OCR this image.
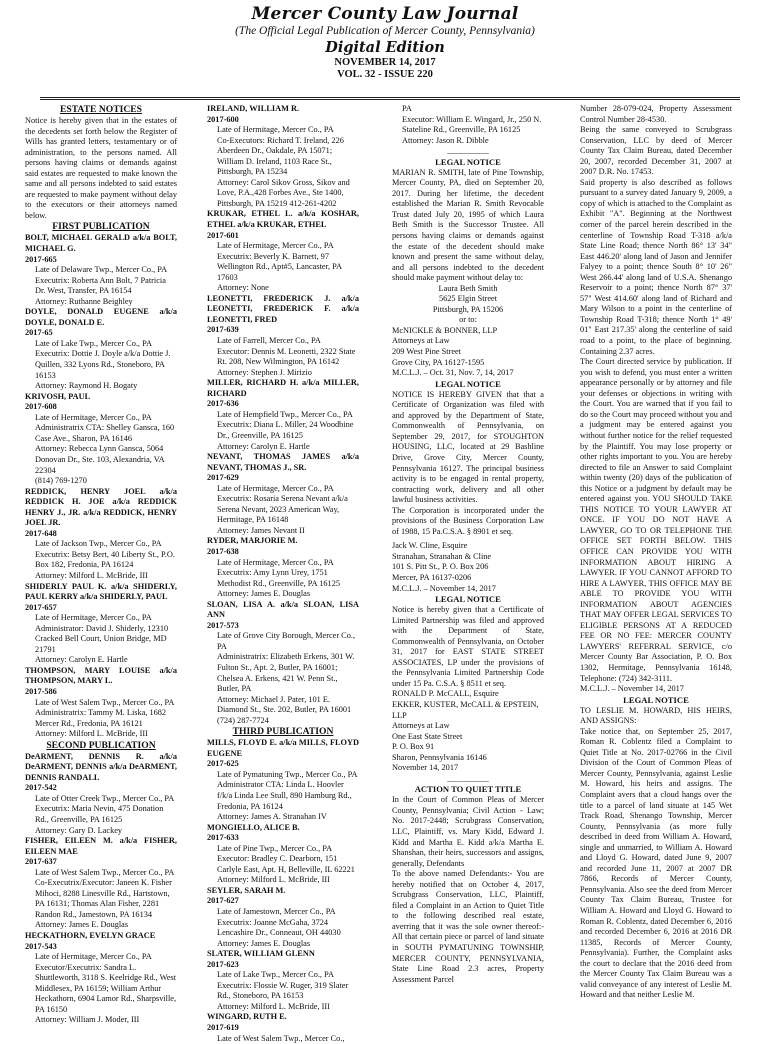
Mercer County Law Journal
(The Official Legal Publication of Mercer County, Pennsylvania)
Digital Edition
NOVEMBER 14, 2017
VOL. 32 - ISSUE 220

ESTATE NOTICES

Notice is hereby given that in the estates of the decedents set forth below the Register of Wills has granted letters, testamentary or of administration, to the persons named. All persons having claims or demands against said estates are requested to make known the same and all persons indebted to said estates are requested to make payment without delay to the executors or their attorneys named below.

FIRST PUBLICATION

BOLT, MICHAEL GERALD a/k/a BOLT, MICHAEL G.

2017-665

Late of Delaware Twp., Mercer Co., PA

Executrix: Roberta Ann Bolt, 7 Patricia Dr. West, Transfer, PA 16154

Attorney: Ruthanne Beighley

DOYLE, DONALD EUGENE a/k/a DOYLE, DONALD E.

2017-65

Late of Lake Twp., Mercer Co., PA

Executrix: Dottie J. Doyle a/k/a Dottie J. Quillen, 332 Lyons Rd., Stoneboro, PA 16153

Attorney: Raymond H. Bogaty

KRIVOSH, PAUL

2017-608

Late of Hermitage, Mercer Co., PA

Administratrix CTA: Shelley Gansca, 160 Case Ave., Sharon, PA 16146

Attorney: Rebecca Lynn Gansca, 5064 Donovan Dr., Ste. 103, Alexandria, VA 22304

(814) 769-1270

REDDICK, HENRY JOEL a/k/a REDDICK H. JOE a/k/a REDDICK HENRY J., JR. a/k/a REDDICK, HENRY JOEL JR.

2017-648

Late of Jackson Twp., Mercer Co., PA

Executrix: Betsy Bert, 40 Liberty St., P.O. Box 182, Fredonia, PA 16124

Attorney: Milford L. McBride, III

SHIDERLY PAUL K. a/k/a SHIDERLY, PAUL KERRY a/k/a SHIDERLY, PAUL

2017-657

Late of Hermitage, Mercer Co., PA

Administrator: David J. Shiderly, 12310 Cracked Bell Court, Union Bridge, MD 21791

Attorney: Carolyn E. Hartle

THOMPSON, MARY LOUISE a/k/a THOMPSON, MARY L.

2017-586

Late of West Salem Twp., Mercer Co., PA

Administratrix: Tammy M. Liska, 1682 Mercer Rd., Fredonia, PA 16121

Attorney: Milford L. McBride, III

SECOND PUBLICATION

DeARMENT, DENNIS R. a/k/a DeARMENT, DENNIS a/k/a DeARMENT, DENNIS RANDALL

2017-542

Late of Otter Creek Twp., Mercer Co., PA

Executrix: Maria Nevin, 475 Donation Rd., Greenville, PA 16125

Attorney: Gary D. Lackey

FISHER, EILEEN M. a/k/a FISHER, EILEEN MAE

2017-637

Late of West Salem Twp., Mercer Co., PA

Co-Executrix/Executor: Janeen K. Fisher Mihoci, 8288 Linesville Rd., Hartstown, PA 16131; Thomas Alan Fisher, 2281 Randon Rd., Jamestown, PA 16134

Attorney: James E. Douglas

HECKATHORN, EVELYN GRACE

2017-543

Late of Hermitage, Mercer Co., PA

Executor/Executrix: Sandra L. Shuttleworth, 3118 S. Keelridge Rd., West Middlesex, PA 16159; William Arthur Heckathorn, 6904 Lamor Rd., Sharpsville, PA 16150

Attorney: William J. Moder, III

IRELAND, WILLIAM R.

2017-600

Late of Hermitage, Mercer Co., PA

Co-Executors: Richard T. Ireland, 226 Aberdeen Dr., Oakdale, PA 15071; William D. Ireland, 1103 Race St., Pittsburgh, PA 15234

Attorney: Carol Sikov Gross, Sikov and Love, P.A.,428 Forbes Ave., Ste 1400, Pittsburgh, PA 15219 412-261-4202

KRUKAR, ETHEL L. a/k/a KOSHAR, ETHEL a/k/a KRUKAR, ETHEL

2017-601

Late of Hermitage, Mercer Co., PA

Executrix: Beverly K. Barnett, 97 Wellington Rd., Apt#5, Lancaster, PA 17603

Attorney: None

LEONETTI, FREDERICK J. a/k/a LEONETTI, FREDERICK F. a/k/a LEONETTI, FRED

2017-639

Late of Farrell, Mercer Co., PA

Executor: Dennis M. Leonetti, 2322 State Rt. 208, New Wilmington, PA 16142

Attorney: Stephen J. Mirizio

MILLER, RICHARD H. a/k/a MILLER, RICHARD

2017-636

Late of Hempfield Twp., Mercer Co., PA

Executrix: Diana L. Miller, 24 Woodbine Dr., Greenville, PA 16125

Attorney: Carolyn E. Hartle

NEVANT, THOMAS JAMES a/k/a NEVANT, THOMAS J., SR.

2017-629

Late of Hermitage, Mercer Co., PA

Executrix: Rosaria Serena Nevant a/k/a Serena Nevant, 2023 American Way, Hermitage, PA 16148

Attorney: James Nevant II

RYDER, MARJORIE M.

2017-638

Late of Hermitage, Mercer Co., PA

Executrix: Amy Lynn Urey, 1751 Methodist Rd., Greenville, PA 16125

Attorney: James E. Douglas

SLOAN, LISA A. a/k/a SLOAN, LISA ANN

2017-573

Late of Grove City Borough, Mercer Co., PA

Administratrix: Elizabeth Erkens, 301 W. Fulton St., Apt. 2, Butler, PA 16001; Chelsea A. Erkens, 421 W. Penn St., Butler, PA

Attorney: Michael J. Pater, 101 E. Diamond St., Ste. 202, Butler, PA 16001 (724) 287-7724

THIRD PUBLICATION

MILLS, FLOYD E. a/k/a MILLS, FLOYD EUGENE

2017-625

Late of Pymatuning Twp., Mercer Co., PA

Administrator CTA: Linda L. Hoovler f/k/a Linda Lee Stull, 890 Hamburg Rd., Fredonia, PA 16124

Attorney: James A. Stranahan IV

MONGIELLO, ALICE B.

2017-633

Late of Pine Twp., Mercer Co., PA

Executor: Bradley C. Dearborn, 151 Carlyle East, Apt. H, Belleville, IL 62221

Attorney: Milford L. McBride, III

SEYLER, SARAH M.

2017-627

Late of Jamestown, Mercer Co., PA

Executrix: Joanne McGaha, 3724 Lencashire Dr., Conneaut, OH 44030

Attorney: James E. Douglas

SLATER, WILLIAM GLENN

2017-623

Late of Lake Twp., Mercer Co., PA

Executrix: Flossie W. Ruger, 319 Slater Rd., Stoneboro, PA 16153

Attorney: Milford L. McBride, III

WINGARD, RUTH E.

2017-619

Late of West Salem Twp., Mercer Co.,

PA

Executor: William E. Wingard, Jr., 250 N. Stateline Rd., Greenville, PA 16125

Attorney: Jason R. Dibble

__________

LEGAL NOTICE

MARIAN R. SMITH, late of Pine Township, Mercer County, PA, died on September 20, 2017. During her lifetime, the decedent established the Marian R. Smith Revocable Trust dated July 20, 1995 of which Laura Beth Smith is the Successor Trustee. All persons having claims or demands against the estate of the decedent should make known and present the same without delay, and all persons indebted to the decedent should make payment without delay to:

Laura Beth Smith

5625 Elgin Street

Pittsburgh, PA 15206

or to:

McNICKLE & BONNER, LLP

Attorneys at Law

209 West Pine Street

Grove City, PA 16127-1595

M.C.L.J. – Oct. 31, Nov. 7, 14, 2017

LEGAL NOTICE

NOTICE IS HEREBY GIVEN that that a Certificate of Organization was filed with and approved by the Department of State, Commonwealth of Pennsylvania, on September 29, 2017, for STOUGHTON HOUSING, LLC, located at 29 Bashline Drive, Grove City, Mercer County, Pennsylvania 16127. The principal business activity is to be engaged in rental property, contracting work, delivery and all other lawful business activities.

The Corporation is incorporated under the provisions of the Business Corporation Law of 1988, 15 Pa.C.S.A. § 8901 et seq.

Jack W. Cline, Esquire

Stranahan, Stranahan & Cline

101 S. Pitt St., P. O. Box 206

Mercer, PA 16137-0206

M.C.L.J. – November 14, 2017

LEGAL NOTICE

Notice is hereby given that a Certificate of Limited Partnership was filed and approved with the Department of State, Commonwealth of Pennsylvania, on October 31, 2017 for EAST STATE STREET ASSOCIATES, LP under the provisions of the Pennsylvania Limited Partnership Code under 15 Pa. C.S.A. § 8511 et seq.

RONALD P. McCALL, Esquire

EKKER, KUSTER, McCALL & EPSTEIN, LLP

Attorneys at Law

One East State Street

P. O. Box 91

Sharon, Pennsylvania 16146

November 14, 2017

__________

ACTION TO QUIET TITLE

In the Court of Common Pleas of Mercer County, Pennsylvania; Civil Action - Law; No. 2017-2448; Scrubgrass Conservation, LLC, Plaintiff, vs. Mary Kidd, Edward J. Kidd and Martha E. Kidd a/k/a Martha E. Shanshan, their heirs, successors and assigns, generally, Defendants

To the above named Defendants:- You are hereby notified that on October 4, 2017, Scrubgrass Conservation, LLC, Plaintiff, filed a Complaint in an Action to Quiet Title to the following described real estate, averring that it was the sole owner thereof:- All that certain piece or parcel of land situate in SOUTH PYMATUNING TOWNSHIP, MERCER COUNTY, PENNSYLVANIA, State Line Road 2.3 acres, Property Assessment Parcel

Number 28-079-024, Property Assessment Control Number 28-4530.

Being the same conveyed to Scrubgrass Conservation, LLC by deed of Mercer County Tax Claim Bureau, dated December 20, 2007, recorded December 31, 2007 at 2007 D.R. No. 17453.

Said property is also described as follows pursuant to a survey dated January 9, 2009, a copy of which is attached to the Complaint as Exhibit "A". Beginning at the Northwest corner of the parcel herein described in the centerline of Township Road T-318 a/k/a State Line Road; thence North 86° 13' 34" East 446.20' along land of Jason and Jennifer Falyey to a point; thence South 8° 10' 26" West 266.44' along land of U.S.A. Shenango Reservoir to a point; thence North 87° 37' 57" West 414.60' along land of Richard and Mary Wilson to a point in the centerline of Township Road T-318; thence North 1° 49' 01" East 217.35' along the centerline of said road to a point, to the place of beginning. Containing 2.37 acres.

The Court directed service by publication. If you wish to defend, you must enter a written appearance personally or by attorney and file your defenses or objections in writing with the Court. You are warned that if you fail to do so the Court may proceed without you and a judgment may be entered against you without further notice for the relief requested by the Plaintiff. You may lose property or other rights important to you. You are hereby directed to file an Answer to said Complaint within twenty (20) days of the publication of this Notice or a judgment by default may be entered against you. YOU SHOULD TAKE THIS NOTICE TO YOUR LAWYER AT ONCE. IF YOU DO NOT HAVE A LAWYER, GO TO OR TELEPHONE THE OFFICE SET FORTH BELOW. THIS OFFICE CAN PROVIDE YOU WITH INFORMATION ABOUT HIRING A LAWYER. IF YOU CANNOT AFFORD TO HIRE A LAWYER, THIS OFFICE MAY BE ABLE TO PROVIDE YOU WITH INFORMATION ABOUT AGENCIES THAT MAY OFFER LEGAL SERVICES TO ELIGIBLE PERSONS AT A REDUCED FEE OR NO FEE: MERCER COUNTY LAWYERS' REFERRAL SERVICE, c/o Mercer County Bar Association, P. O. Box 1302, Hermitage, Pennsylvania 16148, Telephone: (724) 342-3111.

M.C.L.J. – November 14, 2017

LEGAL NOTICE

TO LESLIE M. HOWARD, HIS HEIRS, AND ASSIGNS:

Take notice that, on September 25, 2017, Roman R. Coblentz filed a Complaint to Quiet Title at No. 2017-02766 in the Civil Division of the Court of Common Pleas of Mercer County, Pennsylvania, against Leslie M. Howard, his heirs and assigns. The Complaint avers that a cloud hangs over the title to a parcel of land situate at 145 Wet Track Road, Shenango Township, Mercer County, Pennsylvania (as more fully described in deed from William A. Howard, single and unmarried, to William A. Howard and Lloyd G. Howard, dated June 9, 2007 and recorded June 11, 2007 at 2007 DR 7866, Records of Mercer County, Pennsylvania. Also see the deed from Mercer County Tax Claim Bureau, Trustee for William A. Howard and Lloyd G. Howard to Roman R. Coblentz, dated December 6, 2016 and recorded December 6, 2016 at 2016 DR 11385, Records of Mercer County, Pennsylvania). Further, the Complaint asks the court to declare that the 2016 deed from the Mercer County Tax Claim Bureau was a valid conveyance of any interest of Leslie M. Howard and that neither Leslie M.
